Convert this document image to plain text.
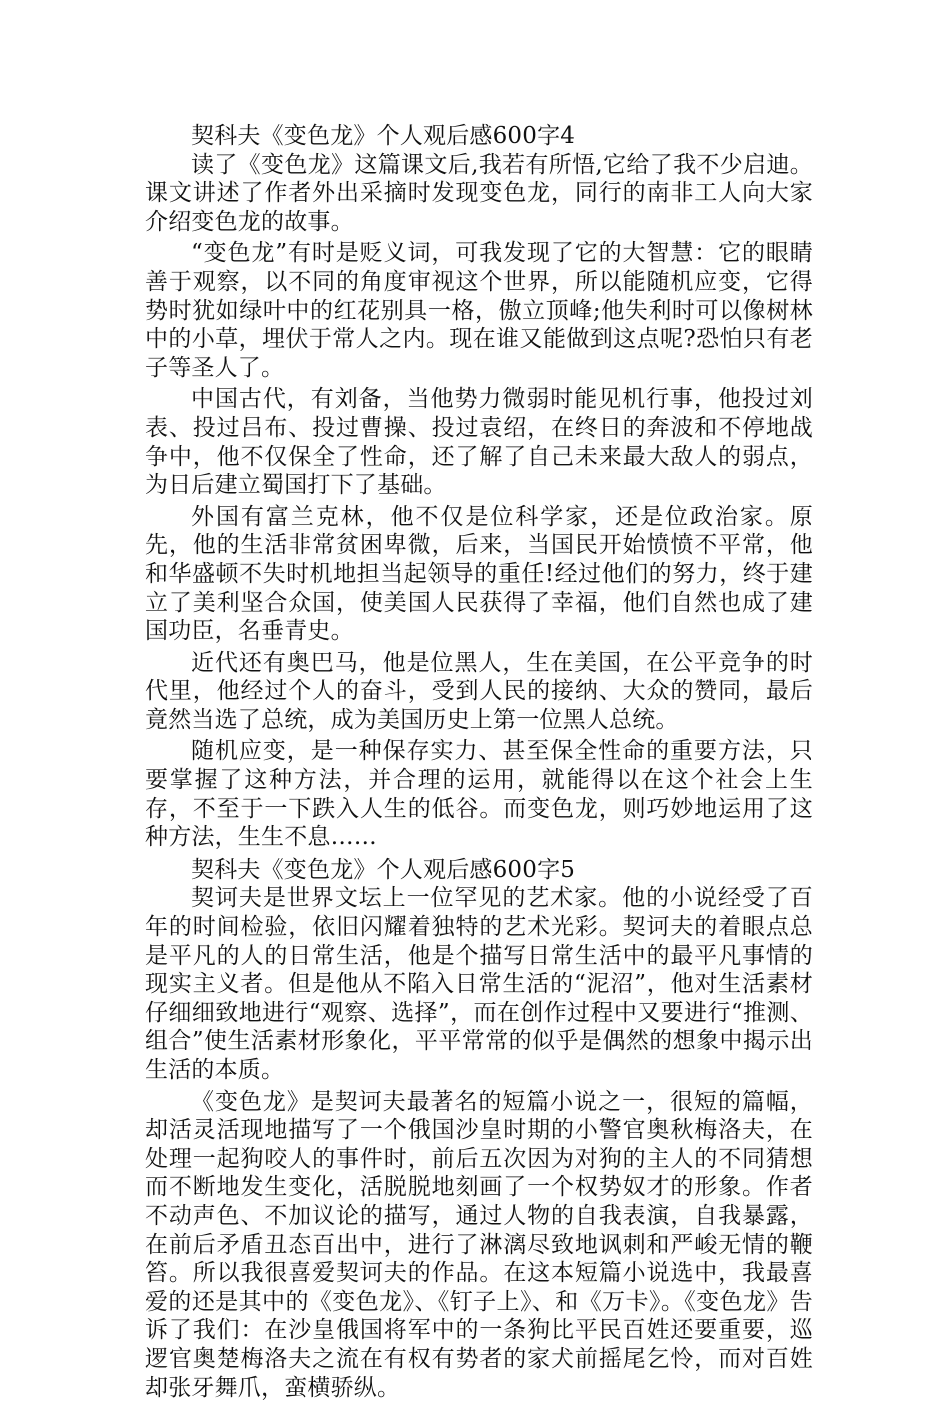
契科夫《变色龙》个人观后感600字4

读了《变色龙》这篇课文后,我若有所悟,它给了我不少启迪。课文讲述了作者外出采摘时发现变色龙，同行的南非工人向大家介绍变色龙的故事。

“变色龙”有时是贬义词，可我发现了它的大智慧：它的眼睛善于观察，以不同的角度审视这个世界，所以能随机应变，它得势时犹如绿叶中的红花别具一格，傲立顶峰;他失利时可以像树林中的小草，埋伏于常人之内。现在谁又能做到这点呢?恐怕只有老子等圣人了。

中国古代，有刘备，当他势力微弱时能见机行事，他投过刘表、投过吕布、投过曹操、投过袁绍，在终日的奔波和不停地战争中，他不仅保全了性命，还了解了自己未来最大敌人的弱点，为日后建立蜀国打下了基础。

外国有富兰克林，他不仅是位科学家，还是位政治家。原先，他的生活非常贫困卑微，后来，当国民开始愤愤不平常，他和华盛顿不失时机地担当起领导的重任!经过他们的努力，终于建立了美利坚合众国，使美国人民获得了幸福，他们自然也成了建国功臣，名垂青史。

近代还有奥巴马，他是位黑人，生在美国，在公平竞争的时代里，他经过个人的奋斗，受到人民的接纳、大众的赞同，最后竟然当选了总统，成为美国历史上第一位黑人总统。

随机应变，是一种保存实力、甚至保全性命的重要方法，只要掌握了这种方法，并合理的运用，就能得以在这个社会上生存，不至于一下跌入人生的低谷。而变色龙，则巧妙地运用了这种方法，生生不息……

契科夫《变色龙》个人观后感600字5

契诃夫是世界文坛上一位罕见的艺术家。他的小说经受了百年的时间检验，依旧闪耀着独特的艺术光彩。契诃夫的着眼点总是平凡的人的日常生活，他是个描写日常生活中的最平凡事情的现实主义者。但是他从不陷入日常生活的“泥沼”，他对生活素材仔细细致地进行“观察、选择”，而在创作过程中又要进行“推测、组合”使生活素材形象化，平平常常的似乎是偶然的想象中揭示出生活的本质。

《变色龙》是契诃夫最著名的短篇小说之一，很短的篇幅，却活灵活现地描写了一个俄国沙皇时期的小警官奥秋梅洛夫，在处理一起狗咬人的事件时，前后五次因为对狗的主人的不同猜想而不断地发生变化，活脱脱地刻画了一个权势奴才的形象。作者不动声色、不加议论的描写，通过人物的自我表演，自我暴露，在前后矛盾丑态百出中，进行了淋漓尽致地讽刺和严峻无情的鞭笞。所以我很喜爱契诃夫的作品。在这本短篇小说选中，我最喜爱的还是其中的《变色龙》、《钉子上》、和《万卡》。《变色龙》告诉了我们：在沙皇俄国将军中的一条狗比平民百姓还要重要，巡逻官奥楚梅洛夫之流在有权有势者的家犬前摇尾乞怜，而对百姓却张牙舞爪，蛮横骄纵。
